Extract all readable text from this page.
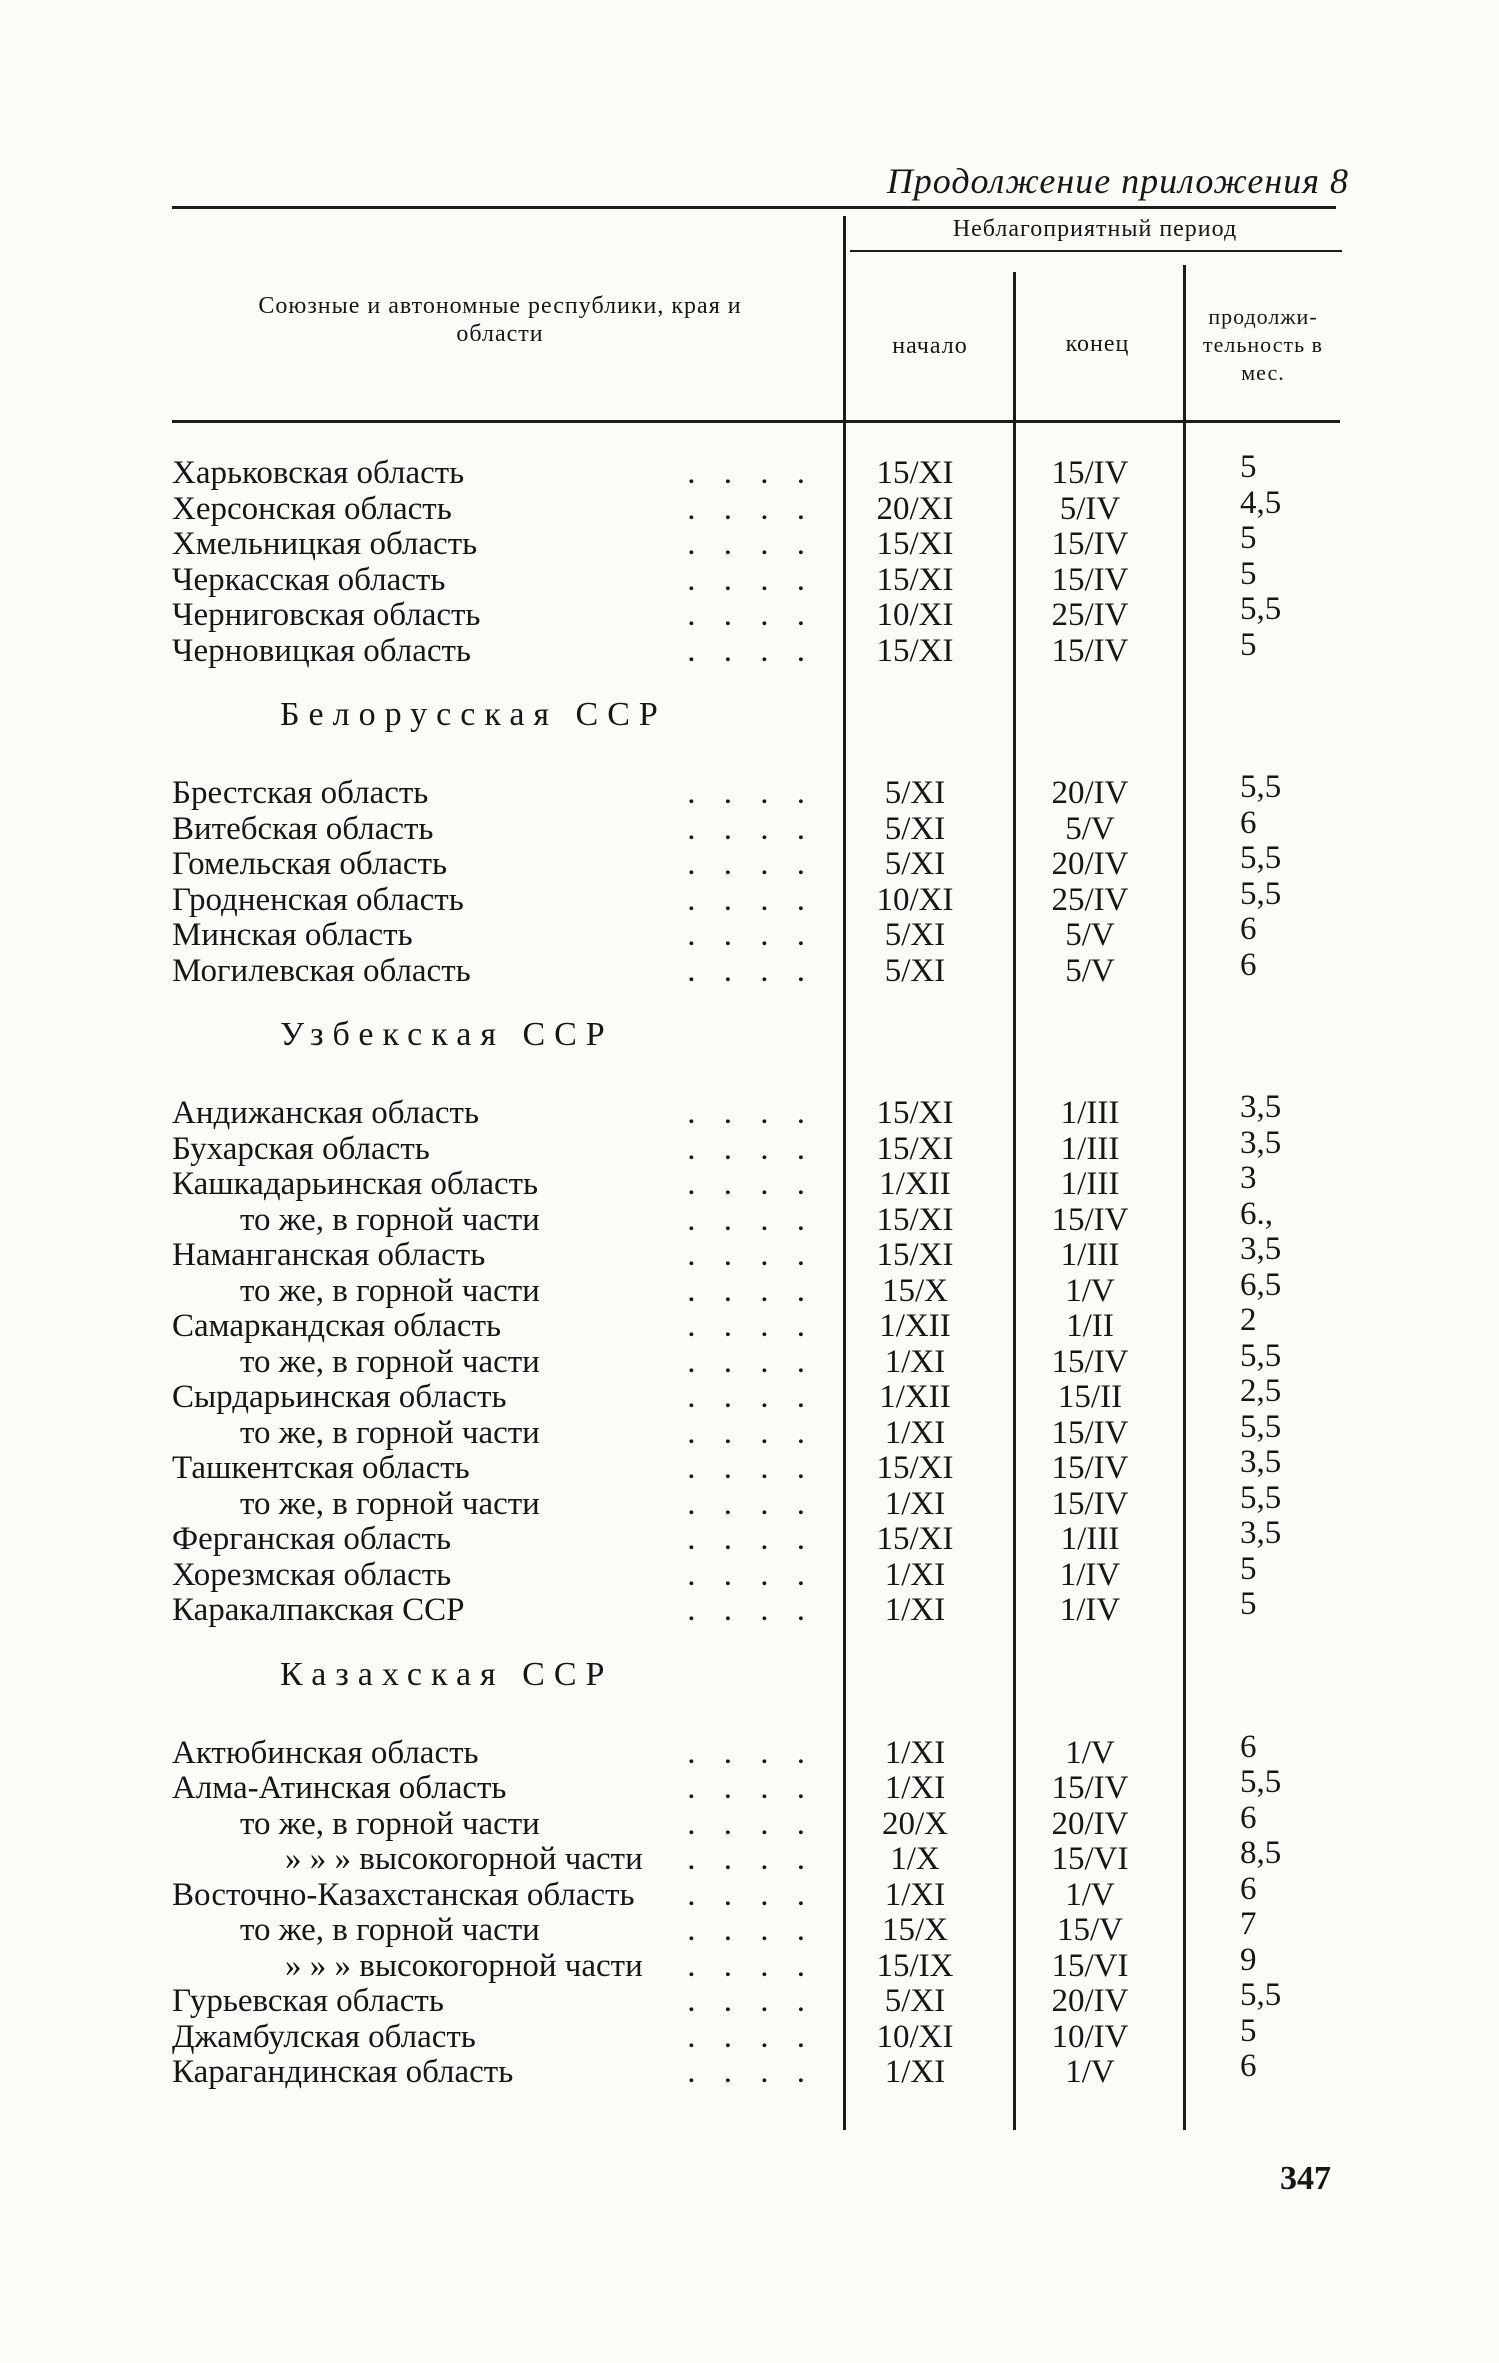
Продолжение приложения 8
Союзные и автономные республики, края и области
Неблагоприятный период
начало	конец
продолжи-тельность в мес.
Харьковская область	. . . .	15/XI	15/IV	5
Херсонская область	. . . .	20/XI	5/IV	4,5
Хмельницкая область	. . . .	15/XI	15/IV	5
Черкасская область	. . . .	15/XI	15/IV	5
Черниговская область	. . . .	10/XI	25/IV	5,5
Черновицкая область	. . . .	15/XI	15/IV	5
Белорусская ССР
Брестская область	. . . .	5/XI	20/IV	5,5
Витебская область	. . . .	5/XI	5/V	6
Гомельская область	. . . .	5/XI	20/IV	5,5
Гродненская область	. . . .	10/XI	25/IV	5,5
Минская область	. . . .	5/XI	5/V	6
Могилевская область	. . . .	5/XI	5/V	6
Узбекская ССР
Андижанская область	. . . .	15/XI	1/III	3,5
Бухарская область	. . . .	15/XI	1/III	3,5
Кашкадарьинская область	. . . .	1/XII	1/III	3
то же, в горной части	. . . .	15/XI	15/IV	6.,
Наманганская область	. . . .	15/XI	1/III	3,5
то же, в горной части	. . . .	15/X	1/V	6,5
Самаркандская область	. . . .	1/XII	1/II	2
то же, в горной части	. . . .	1/XI	15/IV	5,5
Сырдарьинская область	. . . .	1/XII	15/II	2,5
то же, в горной части	. . . .	1/XI	15/IV	5,5
Ташкентская область	. . . .	15/XI	15/IV	3,5
то же, в горной части	. . . .	1/XI	15/IV	5,5
Ферганская область	. . . .	15/XI	1/III	3,5
Хорезмская область	. . . .	1/XI	1/IV	5
Каракалпакская ССР	. . . .	1/XI	1/IV	5
Казахская ССР
Актюбинская область	. . . .	1/XI	1/V	6
Алма-Атинская область	. . . .	1/XI	15/IV	5,5
то же, в горной части	. . . .	20/X	20/IV	6
» » » высокогорной части . . . .	1/X	15/VI	8,5
Восточно-Казахстанская область . . . .	1/XI	1/V	6
то же, в горной части	. . . .	15/X	15/V	7
» » » высокогорной части . . . .	15/IX	15/VI	9
Гурьевская область	. . . .	5/XI	20/IV	5,5
Джамбулская область	. . . .	10/XI	10/IV	5
Карагандинская область	. . . .	1/XI	1/V	6
347
